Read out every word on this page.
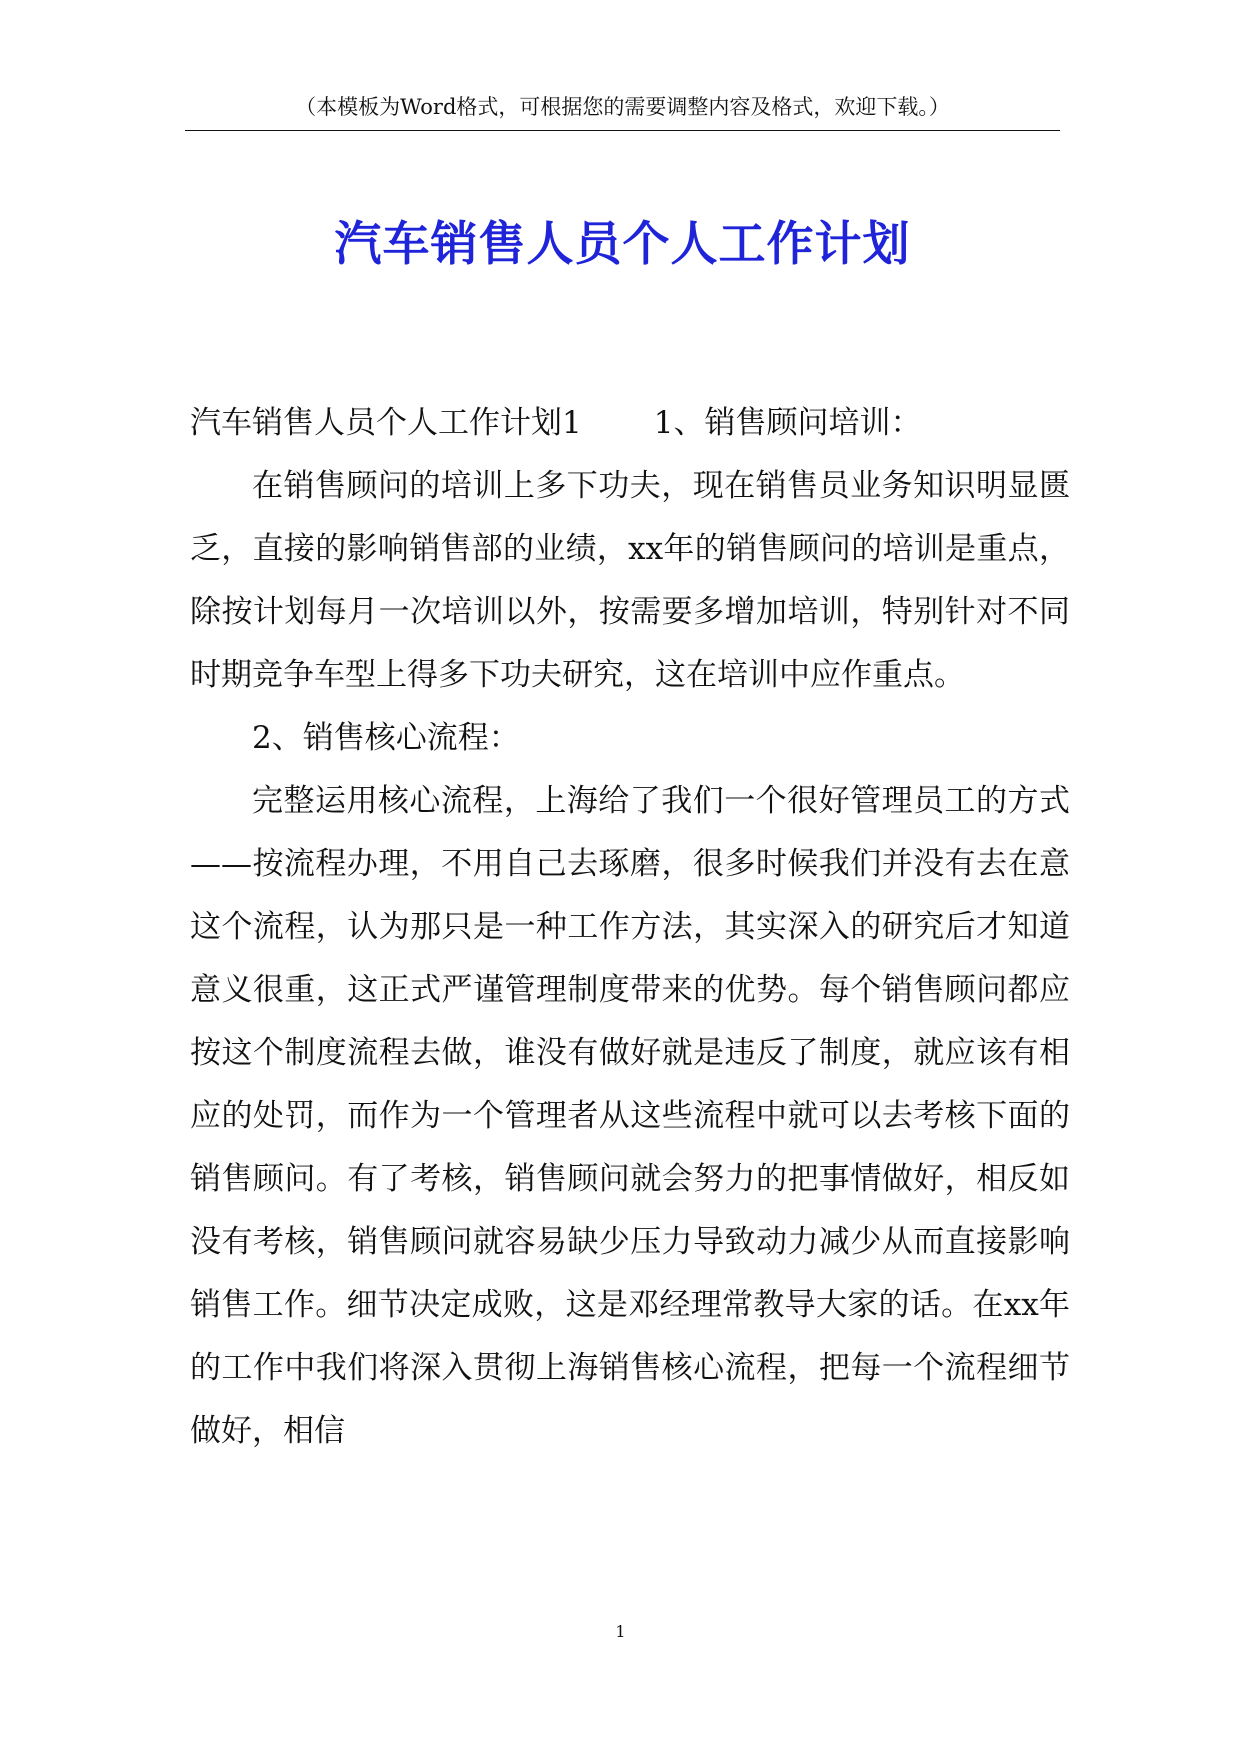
（本模板为Word格式，可根据您的需要调整内容及格式，欢迎下载。）
汽车销售人员个人工作计划

汽车销售人员个人工作计划1 1、销售顾问培训：

在销售顾问的培训上多下功夫，现在销售员业务知识明显匮乏，直接的影响销售部的业绩，xx年的销售顾问的培训是重点，除按计划每月一次培训以外，按需要多增加培训，特别针对不同时期竞争车型上得多下功夫研究，这在培训中应作重点。

2、销售核心流程：

完整运用核心流程，上海给了我们一个很好管理员工的方式——按流程办理，不用自己去琢磨，很多时候我们并没有去在意这个流程，认为那只是一种工作方法，其实深入的研究后才知道意义很重，这正式严谨管理制度带来的优势。每个销售顾问都应按这个制度流程去做，谁没有做好就是违反了制度，就应该有相应的处罚，而作为一个管理者从这些流程中就可以去考核下面的销售顾问。有了考核，销售顾问就会努力的把事情做好，相反如没有考核，销售顾问就容易缺少压力导致动力减少从而直接影响销售工作。细节决定成败，这是邓经理常教导大家的话。在xx年的工作中我们将深入贯彻上海销售核心流程，把每一个流程细节做好，相信

1
